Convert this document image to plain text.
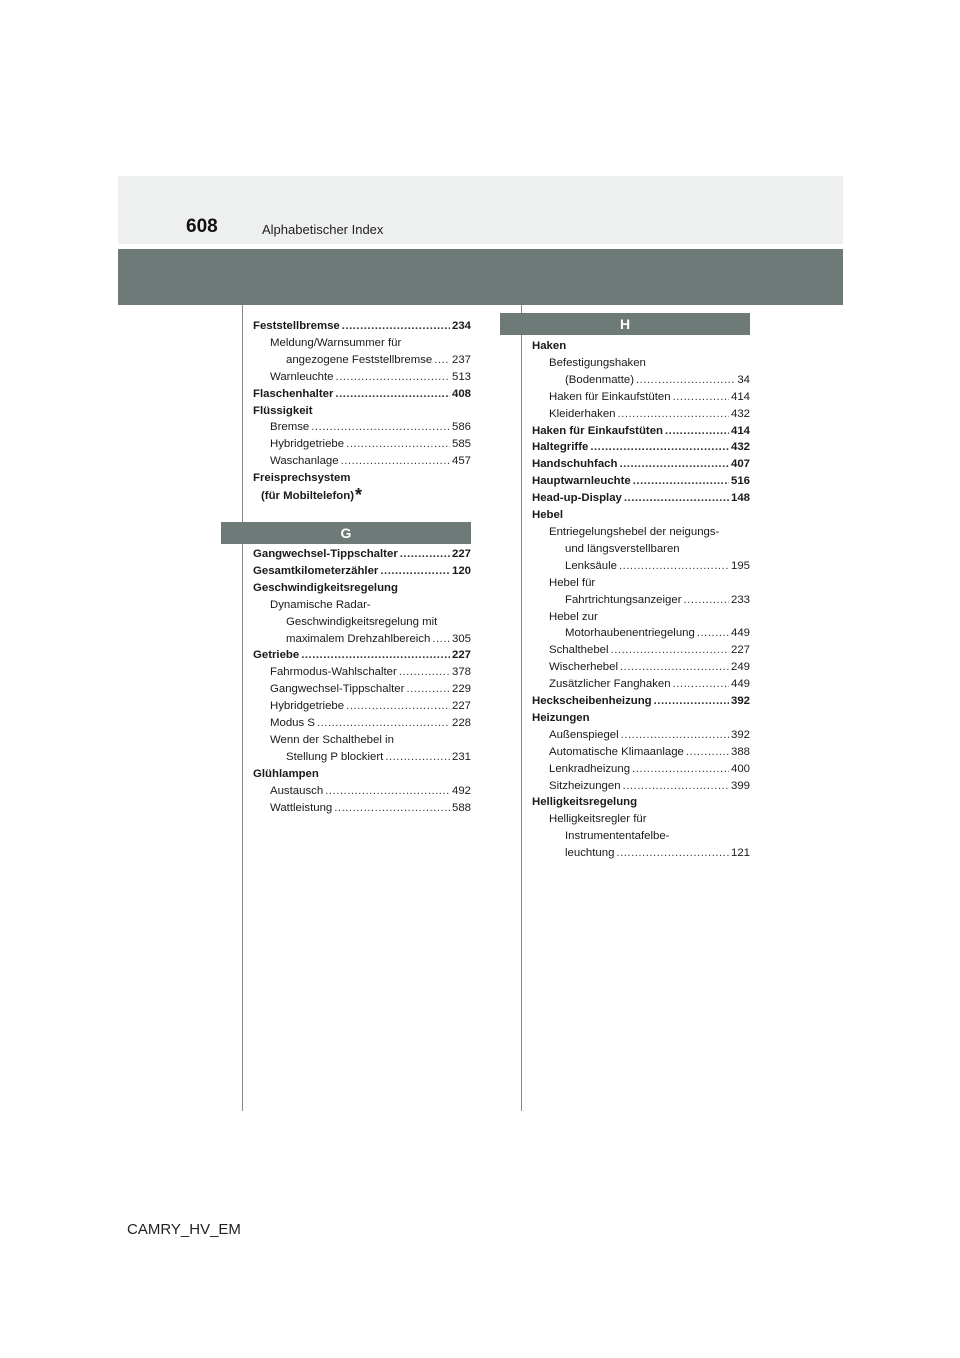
608	Alphabetischer Index
Feststellbremse .....	234
Meldung/Warnsummer für
angezogene Feststellbremse ..... 237
Warnleuchte .....	513
Flaschenhalter .....	408
Flüssigkeit
Bremse .....	586
Hybridgetriebe .....	585
Waschanlage .....	457
Freisprechsystem
(für Mobiltelefon)*
G
Gangwechsel-Tippschalter .....	227
Gesamtkilometerzähler .....	120
Geschwindigkeitsregelung
Dynamische Radar-
Geschwindigkeitsregelung mit
maximalem Drehzahlbereich ..... 305
Getriebe .....	227
Fahrmodus-Wahlschalter .....	378
Gangwechsel-Tippschalter .....	229
Hybridgetriebe .....	227
Modus S .....	228
Wenn der Schalthebel in
Stellung P blockiert .....	231
Glühlampen
Austausch .....	492
Wattleistung .....	588
H
Haken
Befestigungshaken
(Bodenmatte) .....	34
Haken für Einkaufstüten .....	414
Kleiderhaken .....	432
Haken für Einkaufstüten .....	414
Haltegriffe .....	432
Handschuhfach .....	407
Hauptwarnleuchte .....	516
Head-up-Display .....	148
Hebel
Entriegelungshebel der neigungs-
und längsverstellbaren
Lenksäule .....	195
Hebel für
Fahrtrichtungsanzeiger .....	233
Hebel zur
Motorhaubenentriegelung .....	449
Schalthebel .....	227
Wischerhebel .....	249
Zusätzlicher Fanghaken .....	449
Heckscheibenheizung .....	392
Heizungen
Außenspiegel .....	392
Automatische Klimaanlage .....	388
Lenkradheizung .....	400
Sitzheizungen .....	399
Helligkeitsregelung
Helligkeitsregler für
Instrumententafelbe-
leuchtung .....	121
CAMRY_HV_EM
